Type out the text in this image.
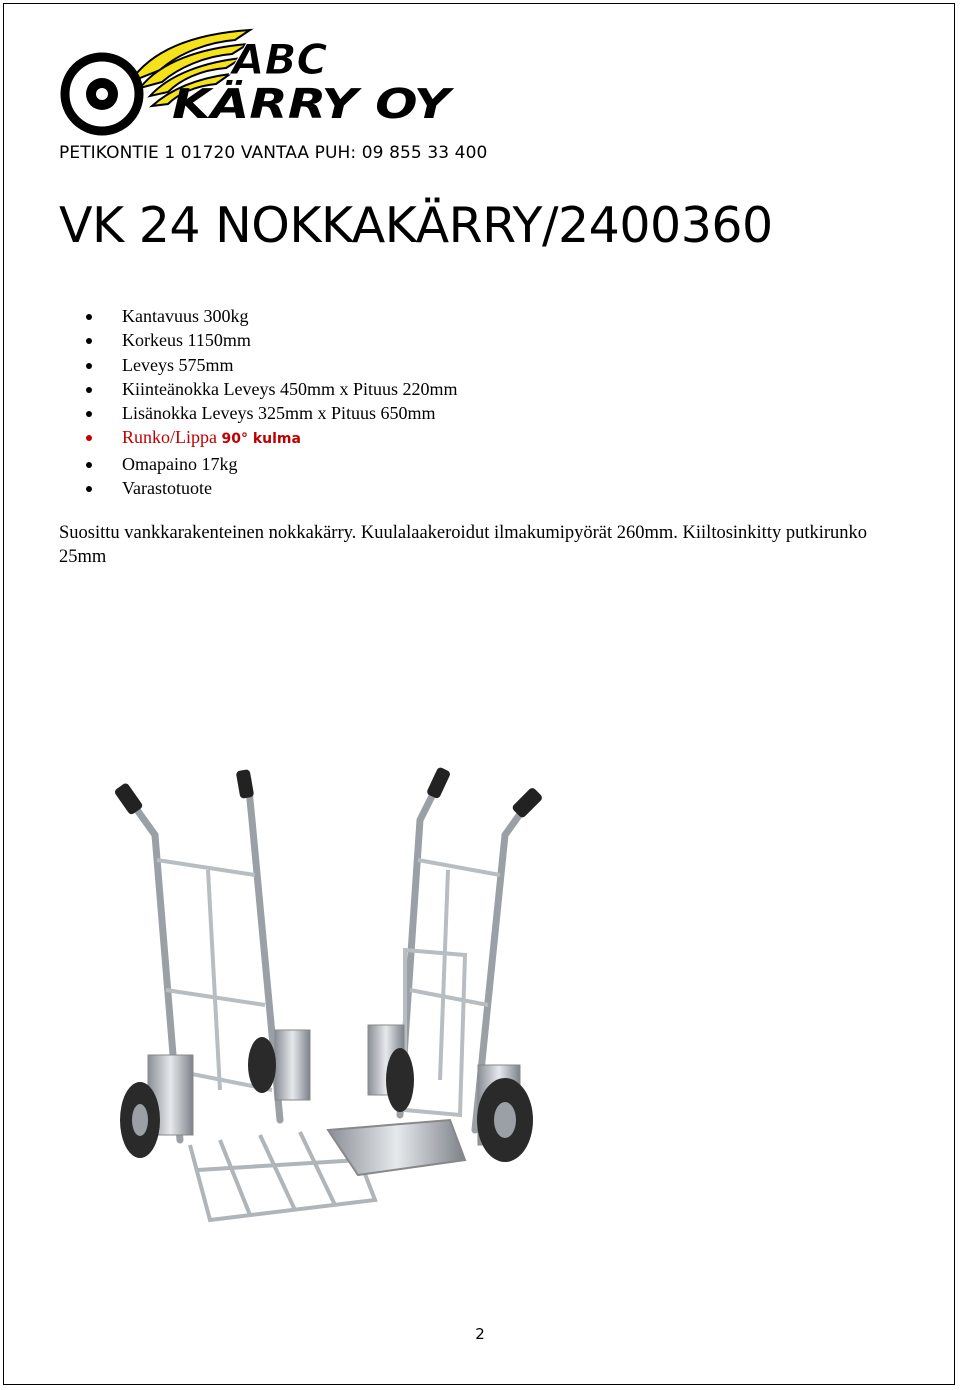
ABC
KÄRRY OY
PETIKONTIE 1 01720 VANTAA PUH: 09 855 33 400
VK 24 NOKKAKÄRRY/2400360
Kantavuus 300kg
Korkeus 1150mm
Leveys 575mm
Kiinteänokka Leveys 450mm x Pituus 220mm
Lisänokka Leveys 325mm x Pituus 650mm
Runko/Lippa 90° kulma
Omapaino 17kg
Varastotuote
Suosittu vankkarakenteinen nokkakärry. Kuulalaakeroidut ilmakumipyörät 260mm. Kiiltosinkitty putkirunko 25mm
2
